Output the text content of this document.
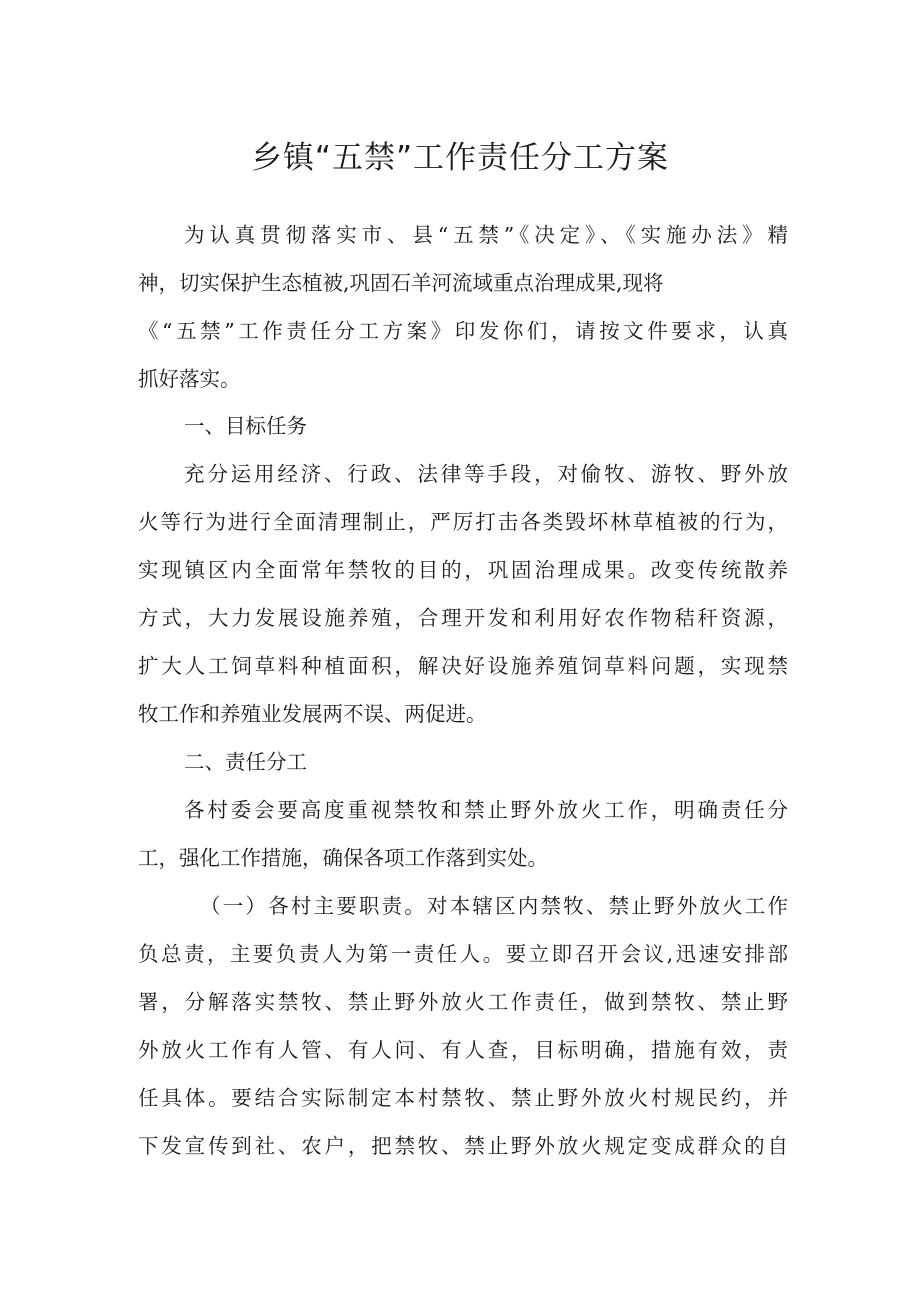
乡镇“五禁”工作责任分工方案
为认真贯彻落实市、县“五禁”《决定》、《实施办法》精
神，切实保护生态植被,巩固石羊河流域重点治理成果,现将
《“五禁”工作责任分工方案》印发你们，请按文件要求，认真
抓好落实。
一、目标任务
充分运用经济、行政、法律等手段，对偷牧、游牧、野外放
火等行为进行全面清理制止，严厉打击各类毁坏林草植被的行为，
实现镇区内全面常年禁牧的目的，巩固治理成果。改变传统散养
方式，大力发展设施养殖，合理开发和利用好农作物秸秆资源，
扩大人工饲草料种植面积，解决好设施养殖饲草料问题，实现禁
牧工作和养殖业发展两不误、两促进。
二、责任分工
各村委会要高度重视禁牧和禁止野外放火工作，明确责任分
工，强化工作措施，确保各项工作落到实处。
（一）各村主要职责。对本辖区内禁牧、禁止野外放火工作
负总责，主要负责人为第一责任人。要立即召开会议,迅速安排部
署，分解落实禁牧、禁止野外放火工作责任，做到禁牧、禁止野
外放火工作有人管、有人问、有人查，目标明确，措施有效，责
任具体。要结合实际制定本村禁牧、禁止野外放火村规民约，并
下发宣传到社、农户，把禁牧、禁止野外放火规定变成群众的自
